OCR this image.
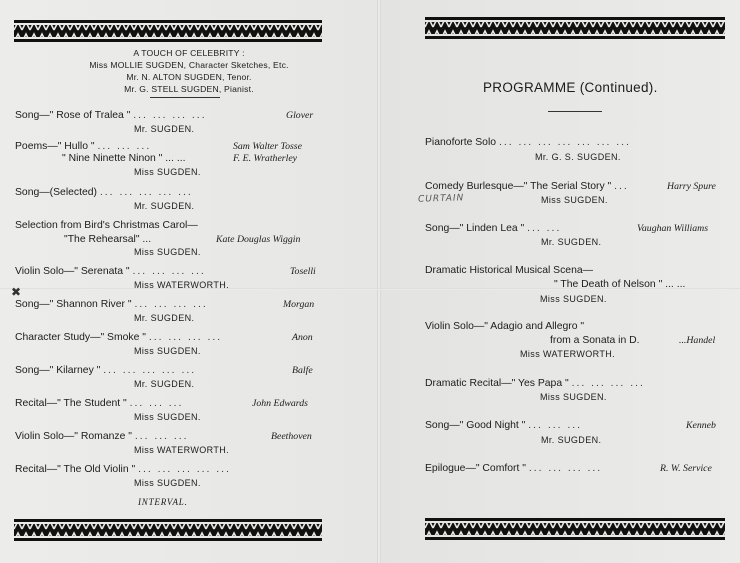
A TOUCH OF CELEBRITY :
Miss MOLLIE SUGDEN, Character Sketches, Etc.
Mr. N. ALTON SUGDEN, Tenor.
Mr. G. STELL SUGDEN, Pianist.
Song—" Rose of Tralea " ... ... ... ...	Glover
Mr. SUGDEN.
Poems—" Hullo " ... ... ...	Sam Walter Tosse
" Nine Ninette Ninon " ... ...	F. E. Wratherley
Miss SUGDEN.
Song—(Selected) ... ... ... ... ...
Mr. SUGDEN.
Selection from Bird's Christmas Carol—
"The Rehearsal" ...	Kate Douglas Wiggin
Miss SUGDEN.
Violin Solo—" Serenata " ... ... ... ...	Toselli
Miss WATERWORTH.
✖
Song—" Shannon River " ... ... ... ...	Morgan
Mr. SUGDEN.
Character Study—" Smoke " ... ... ... ...	Anon
Miss SUGDEN.
Song—" Kilarney " ... ... ... ... ...	Balfe
Mr. SUGDEN.
Recital—" The Student " ... ... ...	John Edwards
Miss SUGDEN.
Violin Solo—" Romanze " ... ... ...	Beethoven
Miss WATERWORTH.
Recital—" The Old Violin " ... ... ... ... ...
Miss SUGDEN.
INTERVAL.
PROGRAMME (Continued).
Pianoforte Solo ... ... ... ... ... ... ...
Mr. G. S. SUGDEN.
Comedy Burlesque—" The Serial Story " ...	Harry Spure
CURTAIN	Miss SUGDEN.
Song—" Linden Lea " ... ...	Vaughan Williams
Mr. SUGDEN.
Dramatic Historical Musical Scena—
" The Death of Nelson " ... ...
Miss SUGDEN.
Violin Solo—" Adagio and Allegro "
from a Sonata in D.	...Handel
Miss WATERWORTH.
Dramatic Recital—" Yes Papa " ... ... ... ...
Miss SUGDEN.
Song—" Good Night " ... ... ...	Kenneb
Mr. SUGDEN.
Epilogue—" Comfort " ... ... ... ...	R. W. Service
